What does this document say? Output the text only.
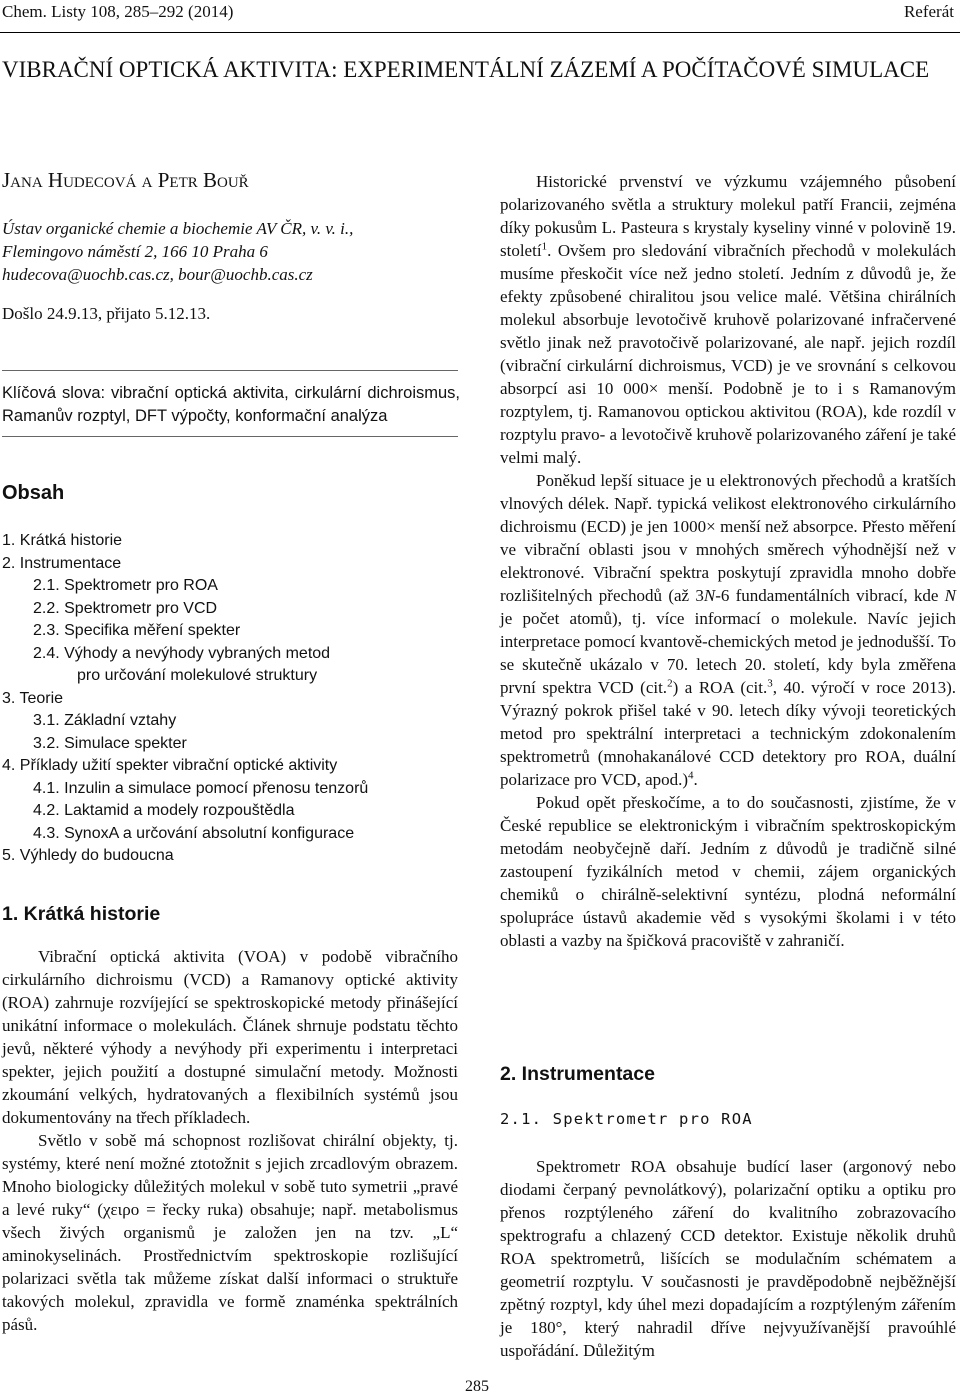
Chem. Listy 108, 285–292 (2014)	Referát
VIBRAČNÍ OPTICKÁ AKTIVITA: EXPERIMENTÁLNÍ ZÁZEMÍ A POČÍTAČOVÉ SIMULACE
Jana Hudecová a Petr Bouř
Ústav organické chemie a biochemie AV ČR, v. v. i.,
Flemingovo náměstí 2, 166 10 Praha 6
hudecova@uochb.cas.cz, bour@uochb.cas.cz
Došlo 24.9.13, přijato 5.12.13.
Klíčová slova: vibrační optická aktivita, cirkulární dichroismus, Ramanův rozptyl, DFT výpočty, konformační analýza
Obsah
1. Krátká historie
2. Instrumentace
2.1. Spektrometr pro ROA
2.2. Spektrometr pro VCD
2.3. Specifika měření spekter
2.4. Výhody a nevýhody vybraných metod
pro určování molekulové struktury
3. Teorie
3.1. Základní vztahy
3.2. Simulace spekter
4. Příklady užití spekter vibrační optické aktivity
4.1. Inzulin a simulace pomocí přenosu tenzorů
4.2. Laktamid a modely rozpouštědla
4.3. SynoxA a určování absolutní konfigurace
5. Výhledy do budoucna
1. Krátká historie

Vibrační optická aktivita (VOA) v podobě vibračního cirkulárního dichroismu (VCD) a Ramanovy optické aktivity (ROA) zahrnuje rozvíjející se spektroskopické metody přinášející unikátní informace o molekulách. Článek shrnuje podstatu těchto jevů, některé výhody a nevýhody při experimentu i interpretaci spekter, jejich použití a dostupné simulační metody. Možnosti zkoumání velkých, hydratovaných a flexibilních systémů jsou dokumentovány na třech příkladech.

Světlo v sobě má schopnost rozlišovat chirální objekty, tj. systémy, které není možné ztotožnit s jejich zrcadlovým obrazem. Mnoho biologicky důležitých molekul v sobě tuto symetrii „pravé a levé ruky“ (χειρο = řecky ruka) obsahuje; např. metabolismus všech živých organismů je založen jen na tzv. „L“ aminokyselinách. Prostřednictvím spektroskopie rozlišující polarizaci světla tak můžeme získat další informaci o struktuře takových molekul, zpravidla ve formě znaménka spektrálních pásů.

Historické prvenství ve výzkumu vzájemného působení polarizovaného světla a struktury molekul patří Francii, zejména díky pokusům L. Pasteura s krystaly kyseliny vinné v polovině 19. století$^1$. Ovšem pro sledování vibračních přechodů v molekulách musíme přeskočit více než jedno století. Jedním z důvodů je, že efekty způsobené chiralitou jsou velice malé. Většina chirálních molekul absorbuje levotočivě kruhově polarizované infračervené světlo jinak než pravotočivě polarizované, ale např. jejich rozdíl (vibrační cirkulární dichroismus, VCD) je ve srovnání s celkovou absorpcí asi 10 000× menší. Podobně je to i s Ramanovým rozptylem, tj. Ramanovou optickou aktivitou (ROA), kde rozdíl v rozptylu pravo- a levotočivě kruhově polarizovaného záření je také velmi malý.

Poněkud lepší situace je u elektronových přechodů a kratších vlnových délek. Např. typická velikost elektronového cirkulárního dichroismu (ECD) je jen 1000× menší než absorpce. Přesto měření ve vibrační oblasti jsou v mnohých směrech výhodnější než v elektronové. Vibrační spektra poskytují zpravidla mnoho dobře rozlišitelných přechodů (až 3N-6 fundamentálních vibrací, kde N je počet atomů), tj. více informací o molekule. Navíc jejich interpretace pomocí kvantově-chemických metod je jednodušší. To se skutečně ukázalo v 70. letech 20. století, kdy byla změřena první spektra VCD (cit.$^2$) a ROA (cit.$^3$, 40. výročí v roce 2013). Výrazný pokrok přišel také v 90. letech díky vývoji teoretických metod pro spektrální interpretaci a technickým zdokonalením spektrometrů (mnohakanálové CCD detektory pro ROA, duální polarizace pro VCD, apod.)$^4$.

Pokud opět přeskočíme, a to do současnosti, zjistíme, že v České republice se elektronickým i vibračním spektroskopickým metodám neobyčejně daří. Jedním z důvodů je tradičně silné zastoupení fyzikálních metod v chemii, zájem organických chemiků o chirálně-selektivní syntézu, plodná neformální spolupráce ústavů akademie věd s vysokými školami i v této oblasti a vazby na špičková pracoviště v zahraničí.

2. Instrumentace
2.1. Spektrometr pro ROA

Spektrometr ROA obsahuje budící laser (argonový nebo diodami čerpaný pevnolátkový), polarizační optiku a optiku pro přenos rozptýleného záření do kvalitního zobrazovacího spektrografu a chlazený CCD detektor. Existuje několik druhů ROA spektrometrů, lišících se modulačním schématem a geometrií rozptylu. V současnosti je pravděpodobně nejběžnější zpětný rozptyl, kdy úhel mezi dopadajícím a rozptýleným zářením je 180°, který nahradil dříve nejvyužívanější pravoúhlé uspořádání. Důležitým

285
